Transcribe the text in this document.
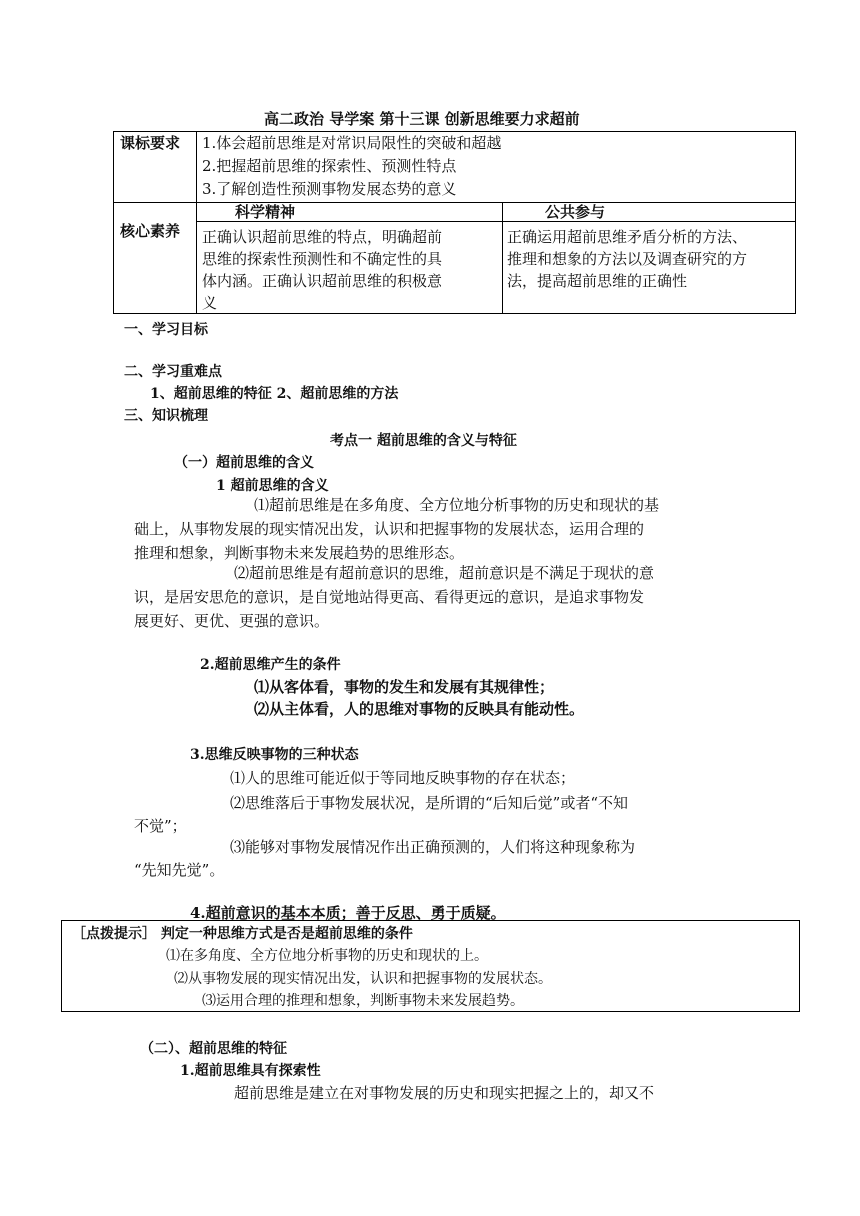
高二政治 导学案 第十三课 创新思维要力求超前
课标要求 1.体会超前思维是对常识局限性的突破和超越
2.把握超前思维的探索性、预测性特点
3.了解创造性预测事物发展态势的意义
核心素养
科学精神	公共参与
正确认识超前思维的特点，明确超前
思维的探索性预测性和不确定性的具
体内涵。正确认识超前思维的积极意
义
正确运用超前思维矛盾分析的方法、
推理和想象的方法以及调查研究的方
法，提高超前思维的正确性
一、学习目标
二、学习重难点
1、超前思维的特征 2、超前思维的方法
三、知识梳理
考点一 超前思维的含义与特征
（一）超前思维的含义
1 超前思维的含义
⑴超前思维是在多角度、全方位地分析事物的历史和现状的基
础上，从事物发展的现实情况出发，认识和把握事物的发展状态，运用合理的
推理和想象，判断事物未来发展趋势的思维形态。
⑵超前思维是有超前意识的思维，超前意识是不满足于现状的意
识，是居安思危的意识，是自觉地站得更高、看得更远的意识，是追求事物发
展更好、更优、更强的意识。
2.超前思维产生的条件
⑴从客体看，事物的发生和发展有其规律性；
⑵从主体看，人的思维对事物的反映具有能动性。
3.思维反映事物的三种状态
⑴人的思维可能近似于等同地反映事物的存在状态；
⑵思维落后于事物发展状况，是所谓的“后知后觉”或者“不知
不觉”；
⑶能够对事物发展情况作出正确预测的，人们将这种现象称为
“先知先觉”。
4.超前意识的基本本质；善于反思、勇于质疑。
［点拨提示］ 判定一种思维方式是否是超前思维的条件
⑴在多角度、全方位地分析事物的历史和现状的上。
⑵从事物发展的现实情况出发，认识和把握事物的发展状态。
⑶运用合理的推理和想象，判断事物未来发展趋势。
（二）、超前思维的特征
1.超前思维具有探索性
超前思维是建立在对事物发展的历史和现实把握之上的，却又不
